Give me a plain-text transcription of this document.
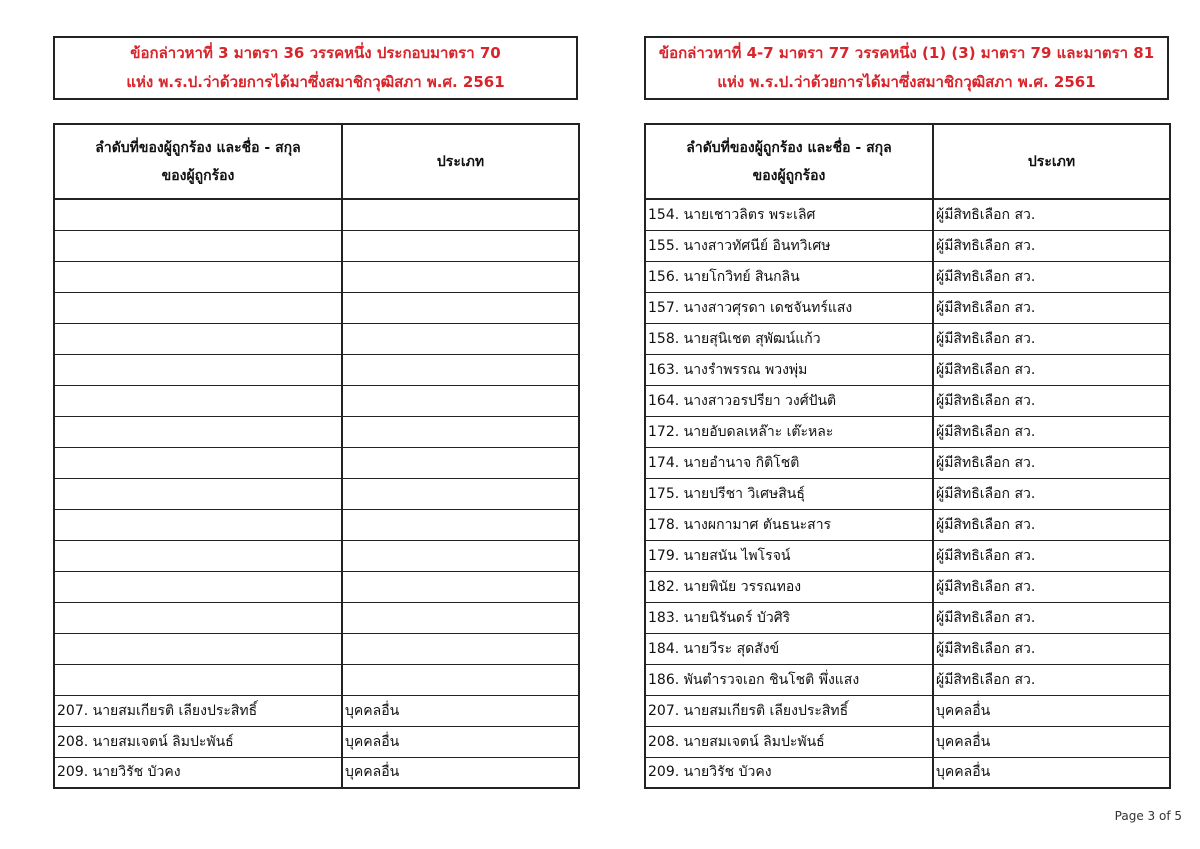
ข้อกล่าวหาที่ 3 มาตรา 36 วรรคหนึ่ง ประกอบมาตรา 70
แห่ง พ.ร.ป.ว่าด้วยการได้มาซึ่งสมาชิกวุฒิสภา พ.ศ. 2561
ข้อกล่าวหาที่ 4-7 มาตรา 77 วรรคหนึ่ง (1) (3) มาตรา 79 และมาตรา 81
แห่ง พ.ร.ป.ว่าด้วยการได้มาซึ่งสมาชิกวุฒิสภา พ.ศ. 2561
ลำดับที่ของผู้ถูกร้อง และชื่อ - สกุล
ของผู้ถูกร้อง	ประเภท

207. นายสมเกียรติ เลียงประสิทธิ์	บุคคลอื่น
208. นายสมเจตน์ ลิมปะพันธ์	บุคคลอื่น
209. นายวิรัช บัวคง	บุคคลอื่น
ลำดับที่ของผู้ถูกร้อง และชื่อ - สกุล
ของผู้ถูกร้อง	ประเภท
154. นายเชาวลิตร พระเลิศ	ผู้มีสิทธิเลือก สว.
155. นางสาวทัศนีย์ อินทวิเศษ	ผู้มีสิทธิเลือก สว.
156. นายโกวิทย์ สินกลิน	ผู้มีสิทธิเลือก สว.
157. นางสาวศุรดา เดชจันทร์แสง	ผู้มีสิทธิเลือก สว.
158. นายสุนิเชต สุพัฒน์แก้ว	ผู้มีสิทธิเลือก สว.
163. นางรำพรรณ พวงพุ่ม	ผู้มีสิทธิเลือก สว.
164. นางสาวอรปรียา วงศ์ปันติ	ผู้มีสิทธิเลือก สว.
172. นายอับดลเหล๊าะ เต๊ะหละ	ผู้มีสิทธิเลือก สว.
174. นายอำนาจ กิติโชติ	ผู้มีสิทธิเลือก สว.
175. นายปรีชา วิเศษสินธุ์	ผู้มีสิทธิเลือก สว.
178. นางผกามาศ ตันธนะสาร	ผู้มีสิทธิเลือก สว.
179. นายสนัน ไพโรจน์	ผู้มีสิทธิเลือก สว.
182. นายพินัย วรรณทอง	ผู้มีสิทธิเลือก สว.
183. นายนิรันดร์ บัวศิริ	ผู้มีสิทธิเลือก สว.
184. นายวีระ สุดสังข์	ผู้มีสิทธิเลือก สว.
186. พันตำรวจเอก ชินโชติ พึ่งแสง	ผู้มีสิทธิเลือก สว.
207. นายสมเกียรติ เลียงประสิทธิ์	บุคคลอื่น
208. นายสมเจตน์ ลิมปะพันธ์	บุคคลอื่น
209. นายวิรัช บัวคง	บุคคลอื่น
Page 3 of 5
